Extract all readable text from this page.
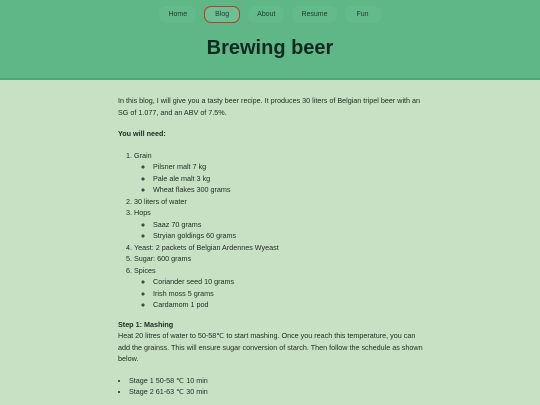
Home	Blog	About	Resume	Fun
Brewing beer

In this blog, I will give you a tasty beer recipe. It produces 30 liters of Belgian tripel beer with an SG of 1.077, and an ABV of 7.5%.

You will need:

1. Grain
◦ Pilsner malt 7 kg
◦ Pale ale malt 3 kg
◦ Wheat flakes 300 grams
2. 30 liters of water
3. Hops
◦ Saaz 70 grams
◦ Stryian goldings 60 grams
4. Yeast: 2 packets of Belgian Ardennes Wyeast
5. Sugar: 600 grams
6. Spices
◦ Coriander seed 10 grams
◦ Irish moss 5 grams
◦ Cardamom 1 pod
Step 1: Mashing

Heat 20 litres of water to 50-58℃ to start mashing. Once you reach this temperature, you can add the grainss. This will ensure sugar conversion of starch. Then follow the schedule as shown below.

• Stage 1 50-58 ℃ 10 min
• Stage 2 61-63 ℃ 30 min
